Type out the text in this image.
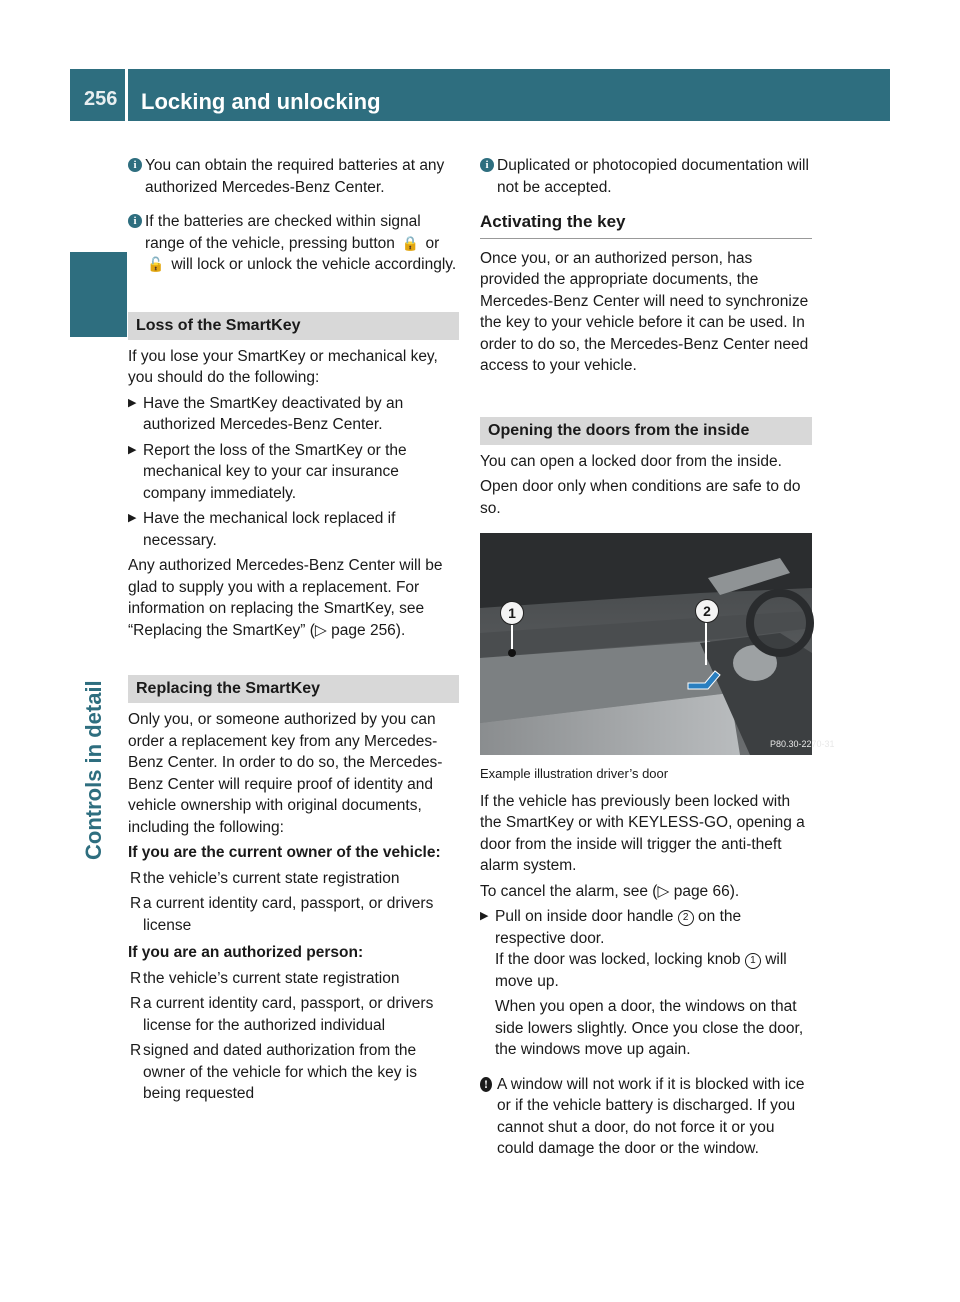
256 Locking and unlocking
Controls in detail
i You can obtain the required batteries at any authorized Mercedes-Benz Center.

i If the batteries are checked within signal range of the vehicle, pressing button 🔒 or 🔓 will lock or unlock the vehicle accordingly.

Loss of the SmartKey

If you lose your SmartKey or mechanical key, you should do the following:

▶ Have the SmartKey deactivated by an authorized Mercedes-Benz Center.
▶ Report the loss of the SmartKey or the mechanical key to your car insurance company immediately.
▶ Have the mechanical lock replaced if necessary.

Any authorized Mercedes-Benz Center will be glad to supply you with a replacement. For information on replacing the SmartKey, see “Replacing the SmartKey” (▷ page 256).

Replacing the SmartKey

Only you, or someone authorized by you can order a replacement key from any Mercedes-Benz Center. In order to do so, the Mercedes-Benz Center will require proof of identity and vehicle ownership with original documents, including the following:

If you are the current owner of the vehicle:

R the vehicle’s current state registration
R a current identity card, passport, or drivers license

If you are an authorized person:

R the vehicle’s current state registration
R a current identity card, passport, or drivers license for the authorized individual
R signed and dated authorization from the owner of the vehicle for which the key is being requested
i Duplicated or photocopied documentation will not be accepted.

Activating the key

Once you, or an authorized person, has provided the appropriate documents, the Mercedes-Benz Center will need to synchronize the key to your vehicle before it can be used. In order to do so, the Mercedes-Benz Center need access to your vehicle.

Opening the doors from the inside

You can open a locked door from the inside.

Open door only when conditions are safe to do so.

P80.30-2270-31
1	2

Example illustration driver’s door

If the vehicle has previously been locked with the SmartKey or with KEYLESS-GO, opening a door from the inside will trigger the anti-theft alarm system.

To cancel the alarm, see (▷ page 66).

▶ Pull on inside door handle 2 on the respective door.
If the door was locked, locking knob 1 will move up.

When you open a door, the windows on that side lowers slightly. Once you close the door, the windows move up again.

! A window will not work if it is blocked with ice or if the vehicle battery is discharged. If you cannot shut a door, do not force it or you could damage the door or the window.
